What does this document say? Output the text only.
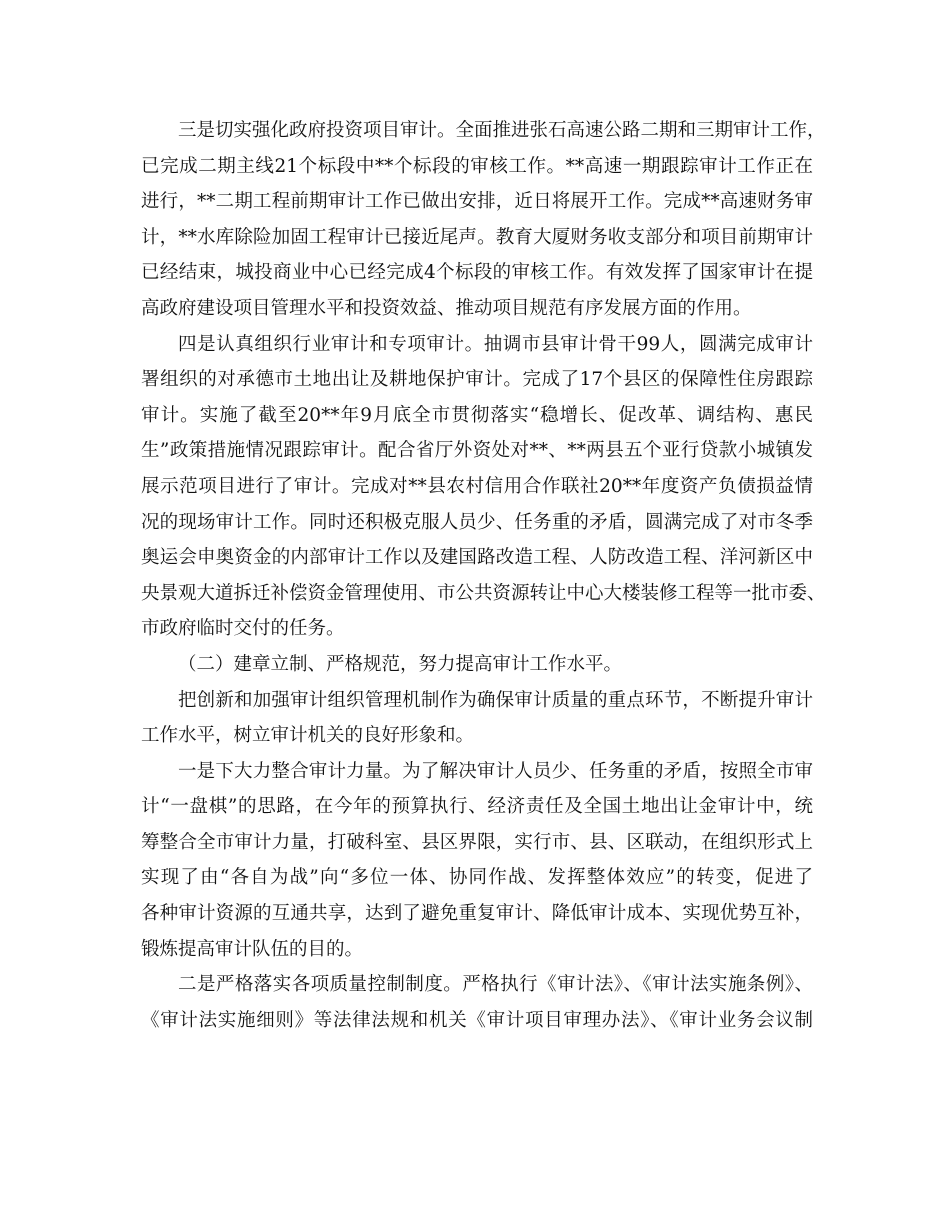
三是切实强化政府投资项目审计。全面推进张石高速公路二期和三期审计工作，
已完成二期主线21个标段中**个标段的审核工作。**高速一期跟踪审计工作正在
进行，**二期工程前期审计工作已做出安排，近日将展开工作。完成**高速财务审
计，**水库除险加固工程审计已接近尾声。教育大厦财务收支部分和项目前期审计
已经结束，城投商业中心已经完成4个标段的审核工作。有效发挥了国家审计在提
高政府建设项目管理水平和投资效益、推动项目规范有序发展方面的作用。
四是认真组织行业审计和专项审计。抽调市县审计骨干99人，圆满完成审计
署组织的对承德市土地出让及耕地保护审计。完成了17个县区的保障性住房跟踪
审计。实施了截至20**年9月底全市贯彻落实“稳增长、促改革、调结构、惠民
生”政策措施情况跟踪审计。配合省厅外资处对**、**两县五个亚行贷款小城镇发
展示范项目进行了审计。完成对**县农村信用合作联社20**年度资产负债损益情
况的现场审计工作。同时还积极克服人员少、任务重的矛盾，圆满完成了对市冬季
奥运会申奥资金的内部审计工作以及建国路改造工程、人防改造工程、洋河新区中
央景观大道拆迁补偿资金管理使用、市公共资源转让中心大楼装修工程等一批市委、
市政府临时交付的任务。
（二）建章立制、严格规范，努力提高审计工作水平。
把创新和加强审计组织管理机制作为确保审计质量的重点环节，不断提升审计
工作水平，树立审计机关的良好形象和。
一是下大力整合审计力量。为了解决审计人员少、任务重的矛盾，按照全市审
计“一盘棋”的思路，在今年的预算执行、经济责任及全国土地出让金审计中，统
筹整合全市审计力量，打破科室、县区界限，实行市、县、区联动，在组织形式上
实现了由“各自为战”向“多位一体、协同作战、发挥整体效应”的转变，促进了
各种审计资源的互通共享，达到了避免重复审计、降低审计成本、实现优势互补，
锻炼提高审计队伍的目的。
二是严格落实各项质量控制制度。严格执行《审计法》、《审计法实施条例》、
《审计法实施细则》等法律法规和机关《审计项目审理办法》、《审计业务会议制
